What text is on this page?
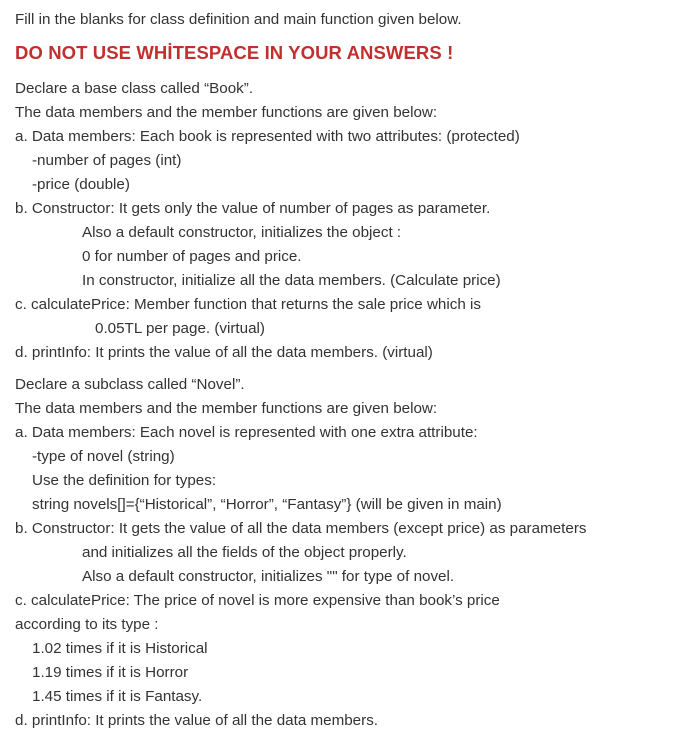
Fill in the blanks for class definition and main function given below.
DO NOT USE WHİTESPACE IN YOUR ANSWERS !
Declare a base class called “Book”.
The data members and the member functions are given below:
a. Data members: Each book is represented with two attributes: (protected)
-number of pages (int)
-price (double)
b. Constructor: It gets only the value of number of pages as parameter.
Also a default constructor, initializes the object :
0 for number of pages and price.
In constructor, initialize all the data members. (Calculate price)
c. calculatePrice: Member function that returns the sale price which is
0.05TL per page. (virtual)
d. printInfo: It prints the value of all the data members. (virtual)
Declare a subclass called “Novel”.
The data members and the member functions are given below:
a. Data members: Each novel is represented with one extra attribute:
-type of novel (string)
Use the definition for types:
string novels[]={“Historical”, “Horror”, “Fantasy”} (will be given in main)
b. Constructor: It gets the value of all the data members (except price) as parameters
and initializes all the fields of the object properly.
Also a default constructor, initializes "" for type of novel.
c. calculatePrice: The price of novel is more expensive than book’s price
according to its type :
1.02 times if it is Historical
1.19 times if it is Horror
1.45 times if it is Fantasy.
d. printInfo: It prints the value of all the data members.
